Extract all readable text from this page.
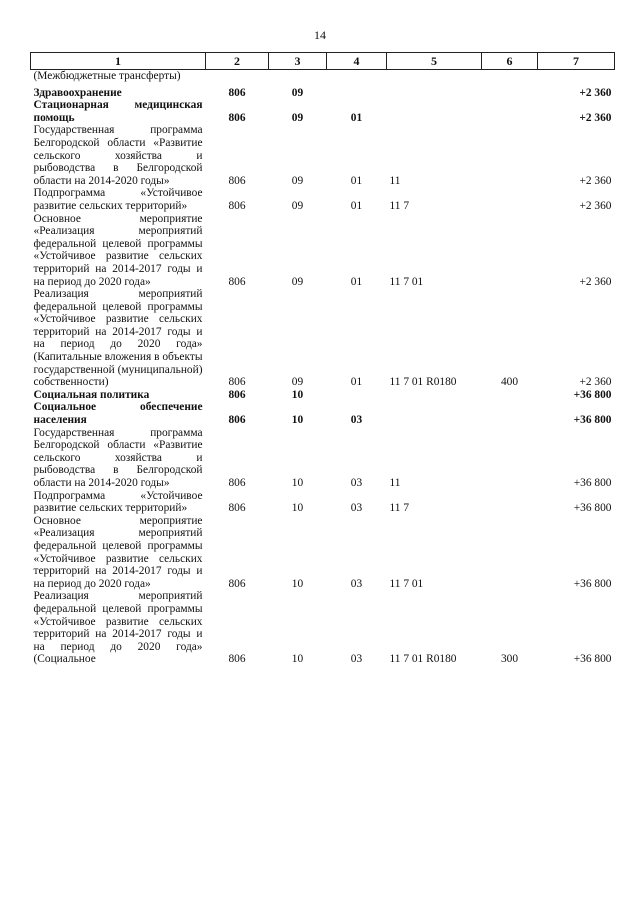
14
1	2	3	4	5	6	7
(Межбюджетные трансферты)						
Здравоохранение	806	09				+2 360
Стационарная медицинская помощь	806	09	01			+2 360
Государственная программа Белгородской области «Развитие сельского хозяйства и рыбоводства в Белгородской области на 2014-2020 годы»	806	09	01	11		+2 360
Подпрограмма «Устойчивое развитие сельских территорий»	806	09	01	11 7		+2 360
Основное мероприятие «Реализация мероприятий федеральной целевой программы «Устойчивое развитие сельских территорий на 2014-2017 годы и на период до 2020 года»	806	09	01	11 7 01		+2 360
Реализация мероприятий федеральной целевой программы «Устойчивое развитие сельских территорий на 2014-2017 годы и на период до 2020 года» (Капитальные вложения в объекты государственной (муниципальной) собственности)	806	09	01	11 7 01 R0180	400	+2 360
Социальная политика	806	10				+36 800
Социальное обеспечение населения	806	10	03			+36 800
Государственная программа Белгородской области «Развитие сельского хозяйства и рыбоводства в Белгородской области на 2014-2020 годы»	806	10	03	11		+36 800
Подпрограмма «Устойчивое развитие сельских территорий»	806	10	03	11 7		+36 800
Основное мероприятие «Реализация мероприятий федеральной целевой программы «Устойчивое развитие сельских территорий на 2014-2017 годы и на период до 2020 года»	806	10	03	11 7 01		+36 800
Реализация мероприятий федеральной целевой программы «Устойчивое развитие сельских территорий на 2014-2017 годы и на период до 2020 года» (Социальное	806	10	03	11 7 01 R0180	300	+36 800
